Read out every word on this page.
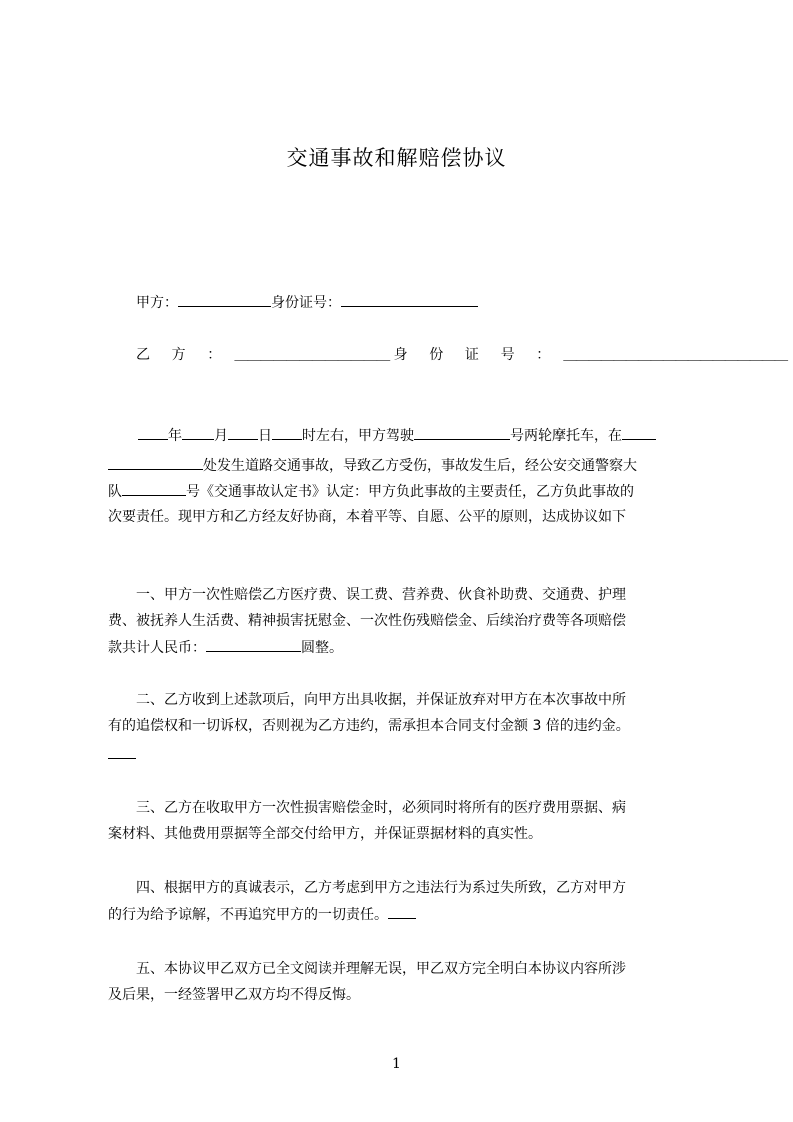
交通事故和解赔偿协议
甲方：	身份证号：
乙 方 ： ＿＿＿＿＿＿＿＿＿＿＿＿ 身 份 证 号 ： ＿＿＿＿＿＿＿＿＿＿＿＿＿＿＿＿＿＿
年 月 日 时左右，甲方驾驶	号两轮摩托车，在
处发生道路交通事故，导致乙方受伤，事故发生后，经公安交通警察大
队	号《交通事故认定书》认定：甲方负此事故的主要责任，乙方负此事故的
次要责任。现甲方和乙方经友好协商，本着平等、自愿、公平的原则，达成协议如下
一、甲方一次性赔偿乙方医疗费、误工费、营养费、伙食补助费、交通费、护理
费、被抚养人生活费、精神损害抚慰金、一次性伤残赔偿金、后续治疗费等各项赔偿
款共计人民币：	圆整。
二、乙方收到上述款项后，向甲方出具收据，并保证放弃对甲方在本次事故中所
有的追偿权和一切诉权，否则视为乙方违约，需承担本合同支付金额 3 倍的违约金。
三、乙方在收取甲方一次性损害赔偿金时，必须同时将所有的医疗费用票据、病
案材料、其他费用票据等全部交付给甲方，并保证票据材料的真实性。
四、根据甲方的真诚表示，乙方考虑到甲方之违法行为系过失所致，乙方对甲方
的行为给予谅解，不再追究甲方的一切责任。
五、本协议甲乙双方已全文阅读并理解无误，甲乙双方完全明白本协议内容所涉
及后果，一经签署甲乙双方均不得反悔。
1
